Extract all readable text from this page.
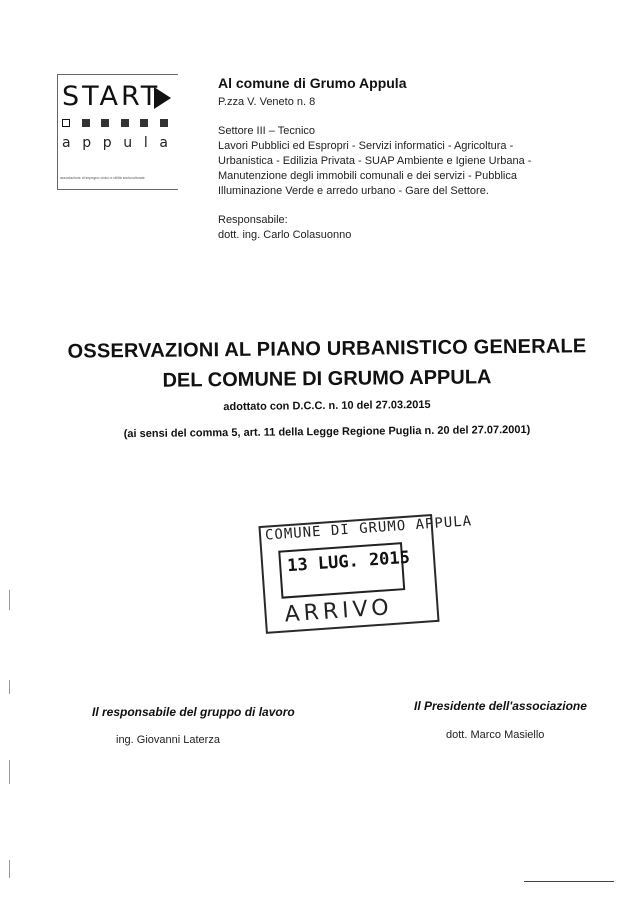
START
a p p u l a
associazione di impegno civico e utilità socioculturale
Al comune di Grumo Appula
P.zza V. Veneto n. 8
Settore III – Tecnico
Lavori Pubblici ed Espropri - Servizi informatici - Agricoltura -
Urbanistica - Edilizia Privata - SUAP Ambiente e Igiene Urbana -
Manutenzione degli immobili comunali e dei servizi - Pubblica
Illuminazione Verde e arredo urbano - Gare del Settore.
Responsabile:
dott. ing. Carlo Colasuonno
OSSERVAZIONI AL PIANO URBANISTICO GENERALE
DEL COMUNE DI GRUMO APPULA
adottato con D.C.C. n. 10 del 27.03.2015
(ai sensi del comma 5, art. 11 della Legge Regione Puglia n. 20 del 27.07.2001)
COMUNE DI GRUMO APPULA
13 LUG. 2015
ARRIVO
Il responsabile del gruppo di lavoro
ing. Giovanni Laterza
Il Presidente dell'associazione
dott. Marco Masiello
